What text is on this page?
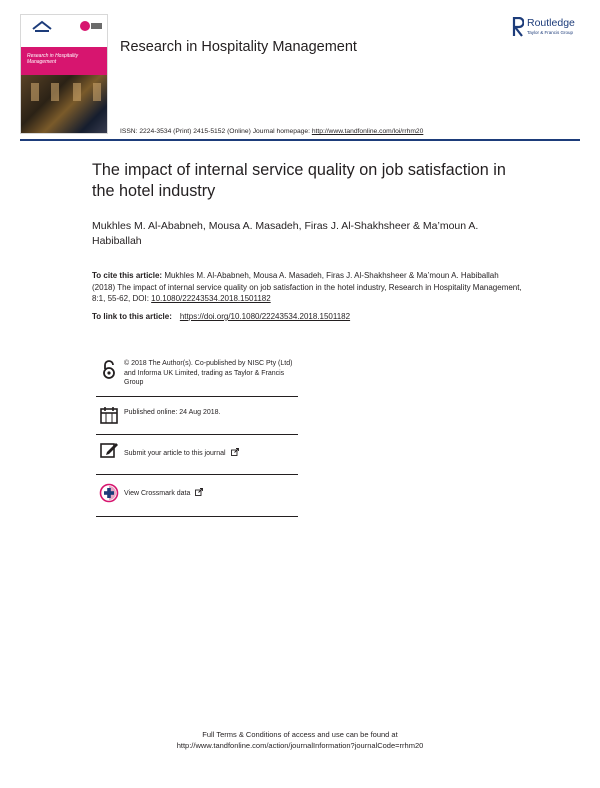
Research in Hospitality Management
Research in Hospitality Management
Routledge
Taylor & Francis Group
ISSN: 2224-3534 (Print) 2415-5152 (Online) Journal homepage: http://www.tandfonline.com/loi/rrhm20
The impact of internal service quality on job satisfaction in the hotel industry
Mukhles M. Al-Ababneh, Mousa A. Masadeh, Firas J. Al-Shakhsheer & Ma’moun A. Habiballah
To cite this article: Mukhles M. Al-Ababneh, Mousa A. Masadeh, Firas J. Al-Shakhsheer & Ma’moun A. Habiballah (2018) The impact of internal service quality on job satisfaction in the hotel industry, Research in Hospitality Management, 8:1, 55-62, DOI: 10.1080/22243534.2018.1501182
To link to this article: https://doi.org/10.1080/22243534.2018.1501182
© 2018 The Author(s). Co-published by NISC Pty (Ltd) and Informa UK Limited, trading as Taylor & Francis Group
Published online: 24 Aug 2018.
Submit your article to this journal
View Crossmark data
Full Terms & Conditions of access and use can be found at
http://www.tandfonline.com/action/journalInformation?journalCode=rrhm20
